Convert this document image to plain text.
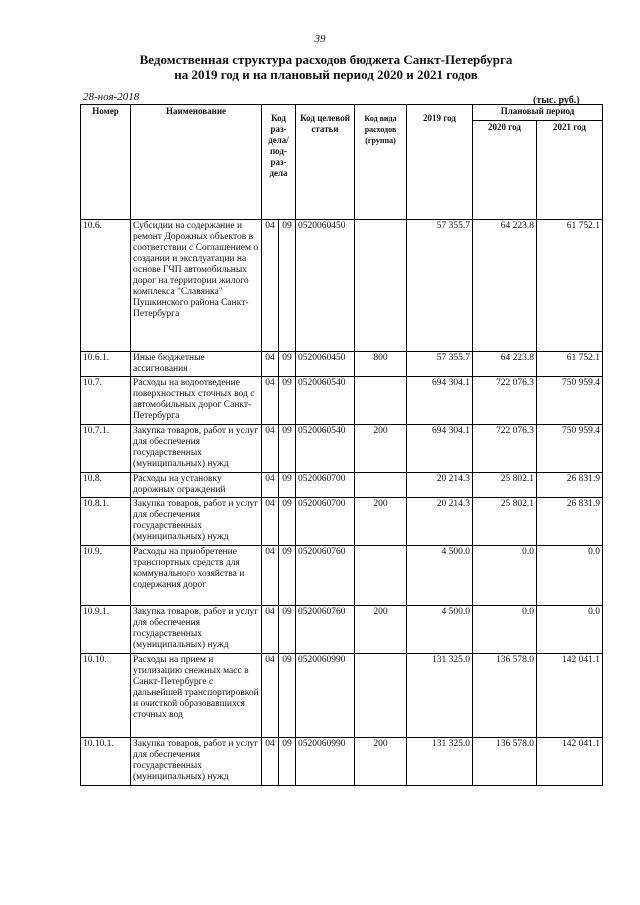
39
Ведомственная структура расходов бюджета Санкт-Петербурга
на 2019 год и на плановый период 2020 и 2021 годов
28-ноя-2018	(тыс. руб.)
Номер	Наименование	Код раз- дела/ под- раз- дела		Код целевой статьи	Код вида расходов (группа)	2019 год	Плановый период	
							2020 год	2021 год
10.6.	Субсидии на содержание и ремонт Дорожных объектов в соответствии с Соглашением о создании и эксплуатации на основе ГЧП автомобильных дорог на территории жилого комплекса "Славянка" Пушкинского района Санкт-Петербурга	04	09	0520060450		57 355.7	64 223.8	61 752.1
10.6.1.	Иные бюджетные ассигнования	04	09	0520060450	800	57 355.7	64 223.8	61 752.1
10.7.	Расходы на водоотведение поверхностных сточных вод с автомобильных дорог Санкт-Петербурга	04	09	0520060540		694 304.1	722 076.3	750 959.4
10.7.1.	Закупка товаров, работ и услуг для обеспечения государственных (муниципальных) нужд	04	09	0520060540	200	694 304.1	722 076.3	750 959.4
10.8.	Расходы на установку дорожных ограждений	04	09	0520060700		20 214.3	25 802.1	26 831.9
10.8.1.	Закупка товаров, работ и услуг для обеспечения государственных (муниципальных) нужд	04	09	0520060700	200	20 214.3	25 802.1	26 831.9
10.9.	Расходы на приобретение транспортных средств для коммунального хозяйства и содержания дорог	04	09	0520060760		4 500.0	0.0	0.0
10.9.1.	Закупка товаров, работ и услуг для обеспечения государственных (муниципальных) нужд	04	09	0520060760	200	4 500.0	0.0	0.0
10.10.	Расходы на прием и утилизацию снежных масс в Санкт-Петербурге с дальнейшей транспортировкой и очисткой образовавшихся сточных вод	04	09	0520060990		131 325.0	136 578.0	142 041.1
10.10.1.	Закупка товаров, работ и услуг для обеспечения государственных (муниципальных) нужд	04	09	0520060990	200	131 325.0	136 578.0	142 041.1
